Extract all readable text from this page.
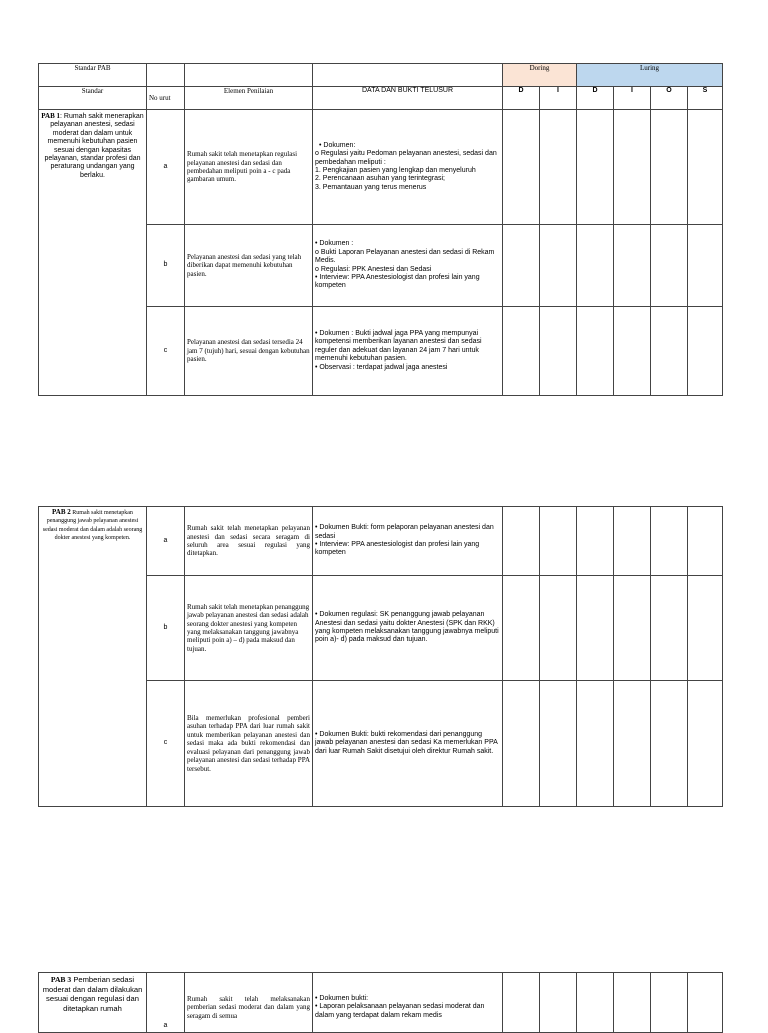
Standar PAB				Doring		Luring			
Standar	No urut	Elemen Penilaian	DATA DAN BUKTI TELUSUR	D	I	D	I	O	S
PAB 1: Rumah sakit menerapkan pelayanan anestesi, sedasi moderat dan dalam untuk memenuhi kebutuhan pasien sesuai dengan kapasitas pelayanan, standar profesi dan peraturang undangan yang berlaku.	a	Rumah sakit telah menetapkan regulasi pelayanan anestesi dan sedasi dan pembedahan meliputi poin a - c pada gambaran umum.	• Dokumen:
o Regulasi yaitu Pedoman pelayanan anestesi, sedasi dan pembedahan meliputi :
1. Pengkajian pasien yang lengkap dan menyeluruh
2. Perencanaan asuhan yang terintegrasi;
3. Pemantauan yang terus menerus						

	b	Pelayanan anestesi dan sedasi yang telah diberikan dapat memenuhi kebutuhan pasien.	• Dokumen :
o Bukti Laporan Pelayanan anestesi dan sedasi di Rekam Medis.
o Regulasi: PPK Anestesi dan Sedasi
• Interview: PPA Anestesiologist dan profesi lain yang kompeten						

	c	Pelayanan anestesi dan sedasi tersedia 24 jam 7 (tujuh) hari, sesuai dengan kebutuhan pasien.	• Dokumen : Bukti jadwal jaga PPA yang mempunyai kompetensi memberikan layanan anestesi dan sedasi reguler dan adekuat dan layanan 24 jam 7 hari untuk memenuhi kebutuhan pasien.
• Observasi : terdapat jadwal jaga anestesi						

PAB 2 Rumah sakit menetapkan penanggung jawab pelayanan anestesi sedasi moderat dan dalam adalah seorang dokter anestesi yang kompeten.	a	Rumah sakit telah menetapkan pelayanan anestesi dan sedasi secara seragam di seluruh area sesuai regulasi yang ditetapkan.	• Dokumen Bukti: form pelaporan pelayanan anestesi dan sedasi
• Interview: PPA anestesiologist dan profesi lain yang kompeten						

	b	Rumah sakit telah menetapkan penanggung jawab pelayanan anestesi dan sedasi adalah seorang dokter anestesi yang kompeten yang melaksanakan tanggung jawabnya meliputi poin a) – d) pada maksud dan tujuan.	• Dokumen regulasi: SK penanggung jawab pelayanan Anestesi dan sedasi yaitu dokter Anestesi (SPK dan RKK) yang kompeten melaksanakan tanggung jawabnya meliputi poin a)- d) pada maksud dan tujuan.						

	c	Bila memerlukan profesional pemberi asuhan terhadap PPA dari luar rumah sakit untuk memberikan pelayanan anestesi dan sedasi maka ada bukti rekomendasi dan evaluasi pelayanan dari penanggung jawab pelayanan anestesi dan sedasi terhadap PPA tersebut.	• Dokumen Bukti: bukti rekomendasi dari penanggung jawab pelayanan anestesi dan sedasi Ka memerlukan PPA dari luar Rumah Sakit disetujui oleh direktur Rumah sakit.						

PAB 3 Pemberian sedasi moderat dan dalam dilakukan sesuai dengan regulasi dan ditetapkan rumah	a	Rumah sakit telah melaksanakan pemberian sedasi moderat dan dalam yang seragam di semua	
• Dokumen bukti:
• Laporan pelaksanaan pelayanan sedasi moderat dan dalam yang terdapat dalam rekam medis
